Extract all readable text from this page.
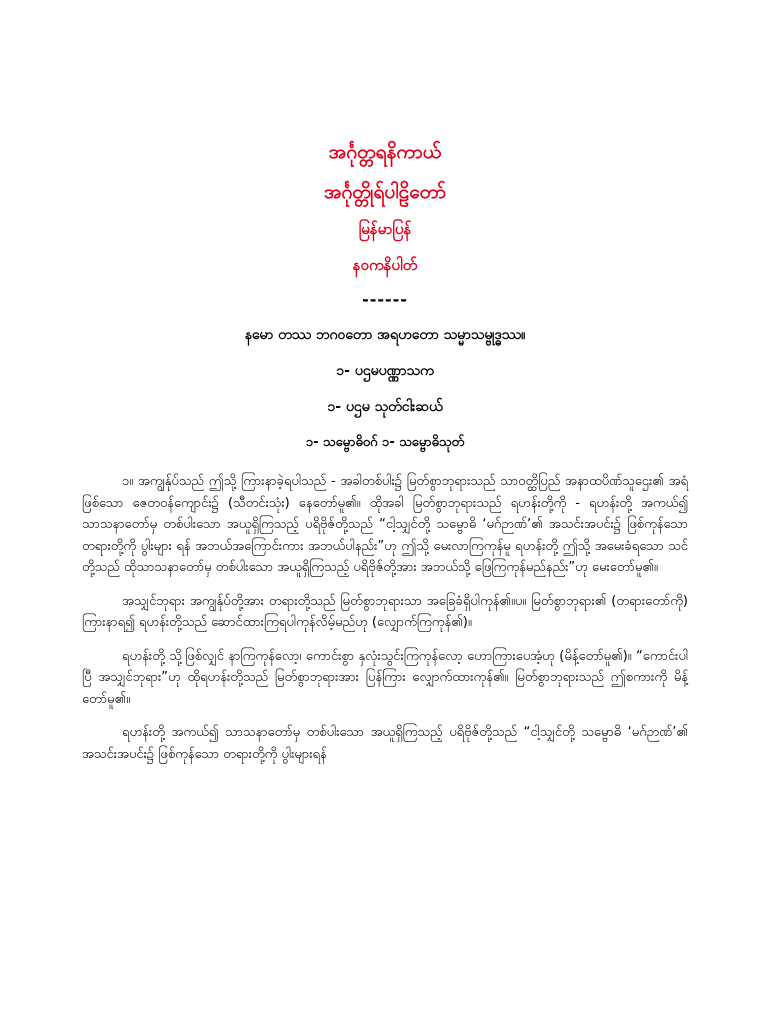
အင်္ဂုတ္တရနိကာယ်
အင်္ဂုတ္တိုရ်ပါဠိတော်
မြန်မာပြန်
နဝကနိပါတ်
------
နမော တဿ ဘဂဝတော အရဟတော သမ္မာသမ္ဗုဒ္ဓဿ။
၁- ပဌမပဏ္ဏာသက
၁- ပဌမ သုတ်ငါးဆယ်
၁- သမ္ဗောဓိဝဂ် ၁- သမ္ဗောဓိသုတ်

၁။ အကျွန်ုပ်သည် ဤသို့ ကြားနာခဲ့ရပါသည် - အခါတစ်ပါး၌ မြတ်စွာဘုရားသည် သာဝတ္ထိပြည် အနာထပိဏ်သူဌေး၏ အရံဖြစ်သော ဇေတဝန်ကျောင်း၌ (သီတင်းသုံး) နေတော်မူ၏။ ထိုအခါ မြတ်စွာဘုရားသည် ရဟန်းတို့ကို - ရဟန်းတို့ အကယ်၍ သာသနာတော်မှ တစ်ပါးသော အယူရှိကြသည့် ပရိဗိုဇ်တို့သည် “ငါ့သျှင်တို့ သမ္ဗောဓိ ‘မဂ်ဉာဏ်’၏ အသင်းအပင်း၌ ဖြစ်ကုန်သော တရားတို့ကို ပွါးများ ရန် အဘယ်အကြောင်းကား အဘယ်ပါနည်း”ဟု ဤသို့ မေးလာကြကုန်မူ ရဟန်းတို့ ဤသို့ အမေးခံရသော သင်တို့သည် ထိုသာသနာတော်မှ တစ်ပါးသော အယူရှိကြသည့် ပရိဗိုဇ်တို့အား အဘယ်သို့ ဖြေကြကုန်မည်နည်း”ဟု မေးတော်မူ၏။

အသျှင်ဘုရား အကျွန်ုပ်တို့အား တရားတို့သည် မြတ်စွာဘုရားသာ အခြေခံရှိပါကုန်၏။ပ။ မြတ်စွာဘုရား၏ (တရားတော်ကို) ကြားနာရ၍ ရဟန်းတို့သည် ဆောင်ထားကြရပါကုန်လိမ့်မည်ဟု (လျှောက်ကြကုန်၏)။

ရဟန်းတို့ သို့ဖြစ်လျှင် နာကြကုန်လော့၊ ကောင်းစွာ နှလုံးသွင်းကြကုန်လော့ ဟောကြားပေအံ့ဟု (မိန့်တော်မူ၏)။ “ကောင်းပါပြီ အသျှင်ဘုရား”ဟု ထိုရဟန်းတို့သည် မြတ်စွာဘုရားအား ပြန်ကြား လျှောက်ထားကုန်၏။ မြတ်စွာဘုရားသည် ဤစကားကို မိန့်တော်မူ၏။

ရဟန်းတို့ အကယ်၍ သာသနာတော်မှ တစ်ပါးသော အယူရှိကြသည့် ပရိဗိုဇ်တို့သည် “ငါ့သျှင်တို့ သမ္ဗောဓိ ‘မဂ်ဉာဏ်’၏ အသင်းအပင်း၌ ဖြစ်ကုန်သော တရားတို့ကို ပွါးများရန်
